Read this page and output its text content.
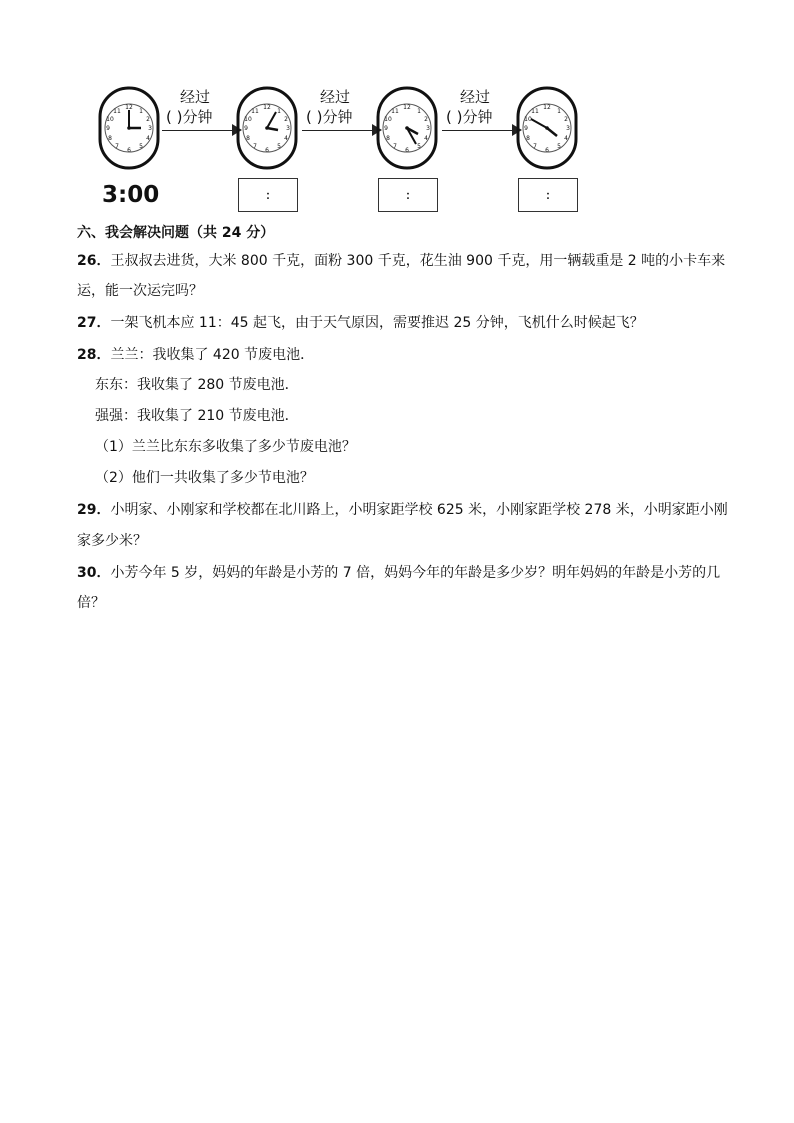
12
1
2
3
4
5
6
7
8
9
10
11
3:00
经过
( )分钟
12
1
2
3
4
5
6
7
8
9
10
11
:
经过
( )分钟
12
1
2
3
4
5
6
7
8
9
10
11
:
经过
( )分钟
12
1
2
3
4
5
6
7
8
9
10
11
:
六、我会解决问题（共 24 分）
26．王叔叔去进货，大米 800 千克，面粉 300 千克，花生油 900 千克，用一辆载重是 2 吨的小卡车来
运，能一次运完吗？
27．一架飞机本应 11：45 起飞，由于天气原因，需要推迟 25 分钟，飞机什么时候起飞？
28．兰兰：我收集了 420 节废电池．
东东：我收集了 280 节废电池．
强强：我收集了 210 节废电池．
（1）兰兰比东东多收集了多少节废电池？
（2）他们一共收集了多少节电池？
29．小明家、小刚家和学校都在北川路上，小明家距学校 625 米，小刚家距学校 278 米，小明家距小刚
家多少米？
30．小芳今年 5 岁，妈妈的年龄是小芳的 7 倍，妈妈今年的年龄是多少岁？明年妈妈的年龄是小芳的几
倍？
